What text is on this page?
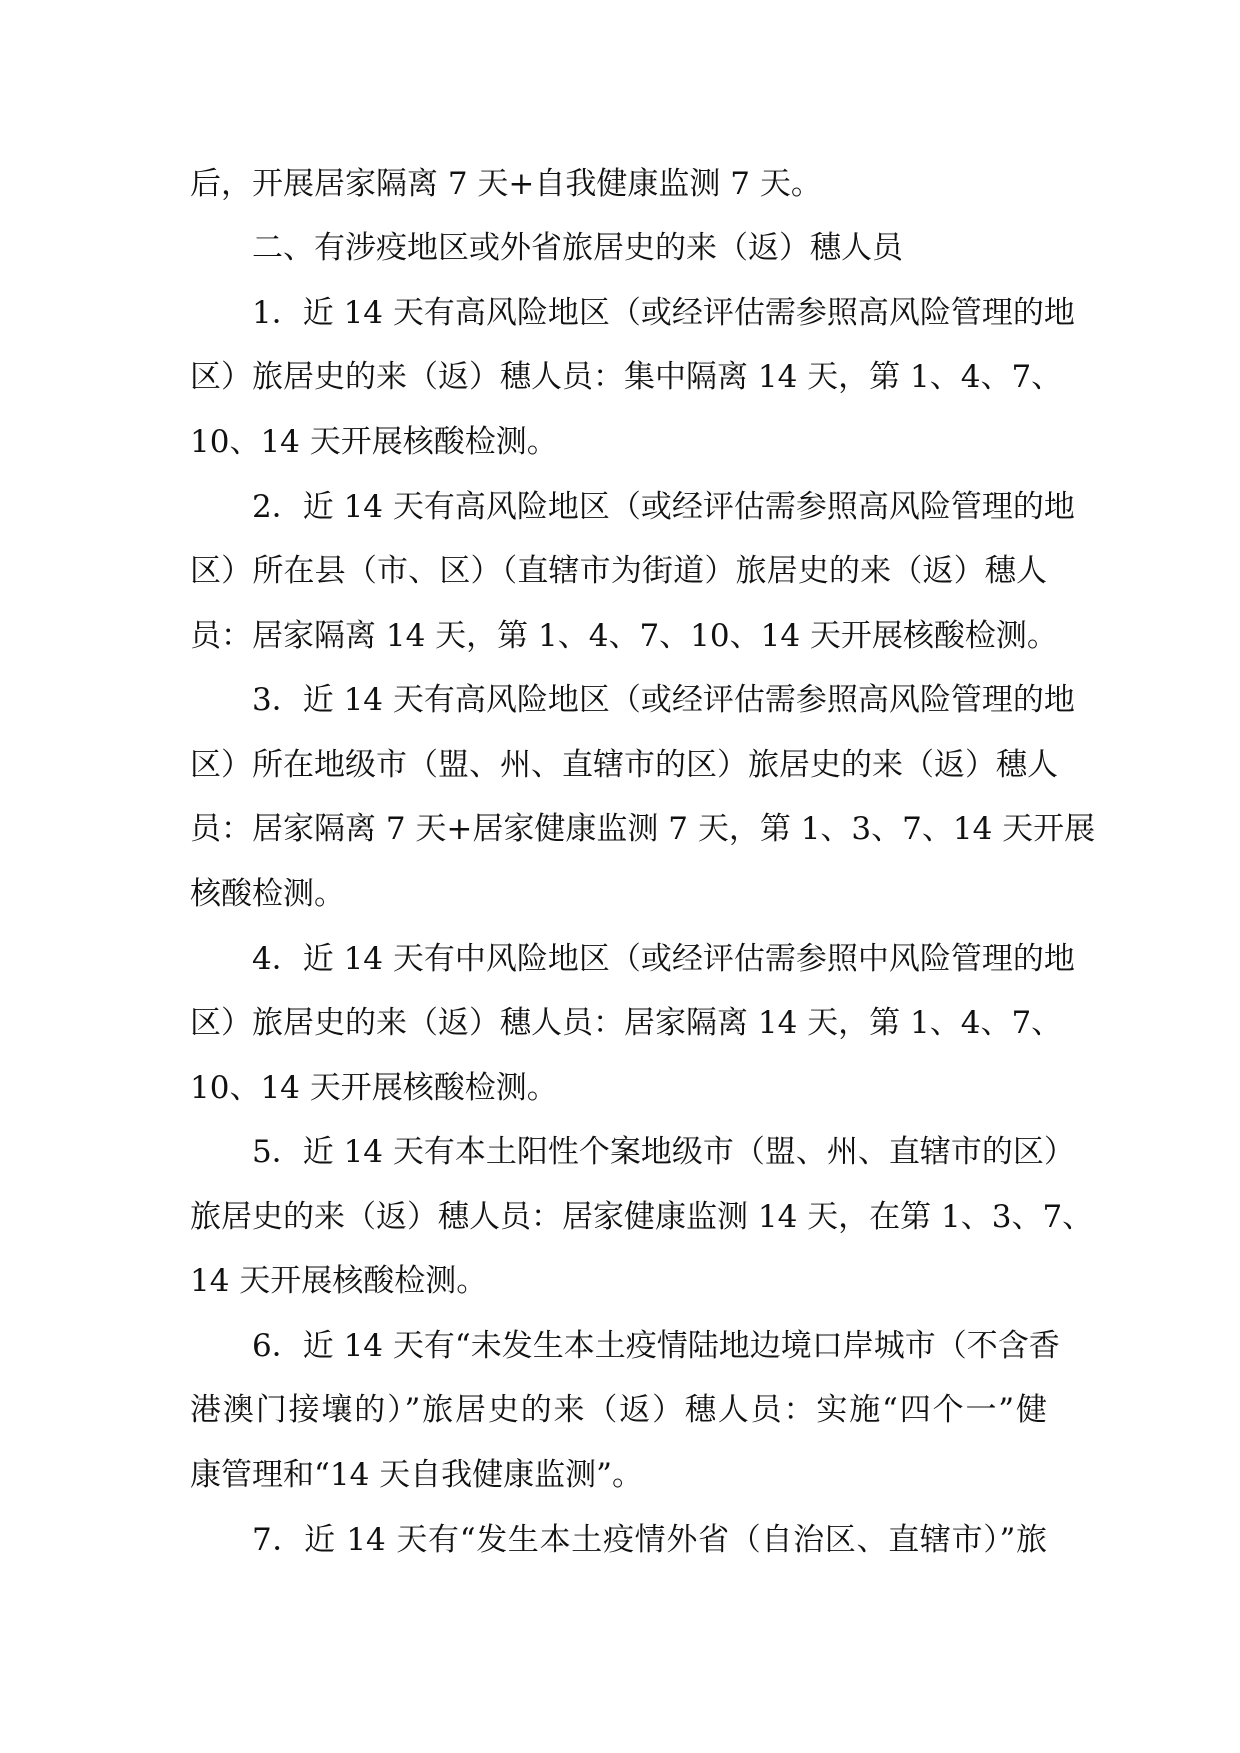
后，开展居家隔离 7 天+自我健康监测 7 天。
二、有涉疫地区或外省旅居史的来（返）穗人员
1．近 14 天有高风险地区（或经评估需参照高风险管理的地
区）旅居史的来（返）穗人员：集中隔离 14 天，第 1、4、7、
10、14 天开展核酸检测。
2．近 14 天有高风险地区（或经评估需参照高风险管理的地
区）所在县（市、区）（直辖市为街道）旅居史的来（返）穗人
员：居家隔离 14 天，第 1、4、7、10、14 天开展核酸检测。
3．近 14 天有高风险地区（或经评估需参照高风险管理的地
区）所在地级市（盟、州、直辖市的区）旅居史的来（返）穗人
员：居家隔离 7 天+居家健康监测 7 天，第 1、3、7、14 天开展
核酸检测。
4．近 14 天有中风险地区（或经评估需参照中风险管理的地
区）旅居史的来（返）穗人员：居家隔离 14 天，第 1、4、7、
10、14 天开展核酸检测。
5．近 14 天有本土阳性个案地级市（盟、州、直辖市的区）
旅居史的来（返）穗人员：居家健康监测 14 天，在第 1、3、7、
14 天开展核酸检测。
6．近 14 天有“未发生本土疫情陆地边境口岸城市（不含香
港澳门接壤的）”旅居史的来（返）穗人员：实施“四个一”健
康管理和“14 天自我健康监测”。
7．近 14 天有“发生本土疫情外省（自治区、直辖市）”旅
